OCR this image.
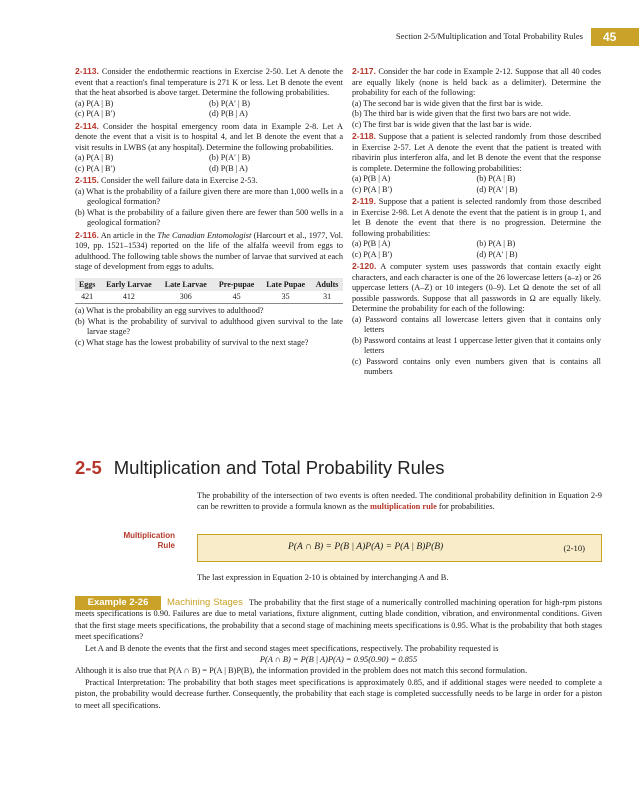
Section 2-5/Multiplication and Total Probability Rules	45
2-113. Consider the endothermic reactions in Exercise 2-50. Let A denote the event that a reaction's final temperature is 271 K or less. Let B denote the event that the heat absorbed is above target. Determine the following probabilities.
(a) P(A | B)	(b) P(A′ | B)
(c) P(A | B′)	(d) P(B | A)
2-114. Consider the hospital emergency room data in Example 2-8. Let A denote the event that a visit is to hospital 4, and let B denote the event that a visit results in LWBS (at any hospital). Determine the following probabilities.
(a) P(A | B)	(b) P(A′ | B)
(c) P(A | B′)	(d) P(B | A)
2-115. Consider the well failure data in Exercise 2-53.

(a) What is the probability of a failure given there are more than 1,000 wells in a geological formation?

(b) What is the probability of a failure given there are fewer than 500 wells in a geological formation?

2-116. An article in the The Canadian Entomologist (Harcourt et al., 1977, Vol. 109, pp. 1521–1534) reported on the life of the alfalfa weevil from eggs to adulthood. The following table shows the number of larvae that survived at each stage of development from eggs to adults.
Eggs	Early Larvae	Late Larvae	Pre-pupae	Late Pupae	Adults
421	412	306	45	35	31

(a) What is the probability an egg survives to adulthood?

(b) What is the probability of survival to adulthood given survival to the late larvae stage?

(c) What stage has the lowest probability of survival to the next stage?

2-117. Consider the bar code in Example 2-12. Suppose that all 40 codes are equally likely (none is held back as a delimiter). Determine the probability for each of the following:

(a) The second bar is wide given that the first bar is wide.

(b) The third bar is wide given that the first two bars are not wide.

(c) The first bar is wide given that the last bar is wide.

2-118. Suppose that a patient is selected randomly from those described in Exercise 2-57. Let A denote the event that the patient is treated with ribavirin plus interferon alfa, and let B denote the event that the response is complete. Determine the following probabilities:
(a) P(B | A)	(b) P(A | B)
(c) P(A | B′)	(d) P(A′ | B)
2-119. Suppose that a patient is selected randomly from those described in Exercise 2-98. Let A denote the event that the patient is in group 1, and let B denote the event that there is no progression. Determine the following probabilities:
(a) P(B | A)	(b) P(A | B)
(c) P(A | B′)	(d) P(A′ | B)
2-120. A computer system uses passwords that contain exactly eight characters, and each character is one of the 26 lowercase letters (a–z) or 26 uppercase letters (A–Z) or 10 integers (0–9). Let Ω denote the set of all possible passwords. Suppose that all passwords in Ω are equally likely. Determine the probability for each of the following:

(a) Password contains all lowercase letters given that it contains only letters

(b) Password contains at least 1 uppercase letter given that it contains only letters

(c) Password contains only even numbers given that is contains all numbers

2-5 Multiplication and Total Probability Rules
The probability of the intersection of two events is often needed. The conditional probability definition in Equation 2-9 can be rewritten to provide a formula known as the multiplication rule for probabilities.
Multiplication
Rule	P(A ∩ B) = P(B | A)P(A) = P(A | B)P(B)	(2-10)
The last expression in Equation 2-10 is obtained by interchanging A and B.
Example 2-26	Machining Stages The probability that the first stage of a numerically controlled machining operation for high-rpm pistons meets specifications is 0.90. Failures are due to metal variations, fixture alignment, cutting blade condition, vibration, and environmental conditions. Given that the first stage meets specifications, the probability that a second stage of machining meets specifications is 0.95. What is the probability that both stages meet specifications?

Let A and B denote the events that the first and second stages meet specifications, respectively. The probability requested is

P(A ∩ B) = P(B | A)P(A) = 0.95(0.90) = 0.855

Although it is also true that P(A ∩ B) = P(A | B)P(B), the information provided in the problem does not match this second formulation.

Practical Interpretation: The probability that both stages meet specifications is approximately 0.85, and if additional stages were needed to complete a piston, the probability would decrease further. Consequently, the probability that each stage is completed successfully needs to be large in order for a piston to meet all specifications.
